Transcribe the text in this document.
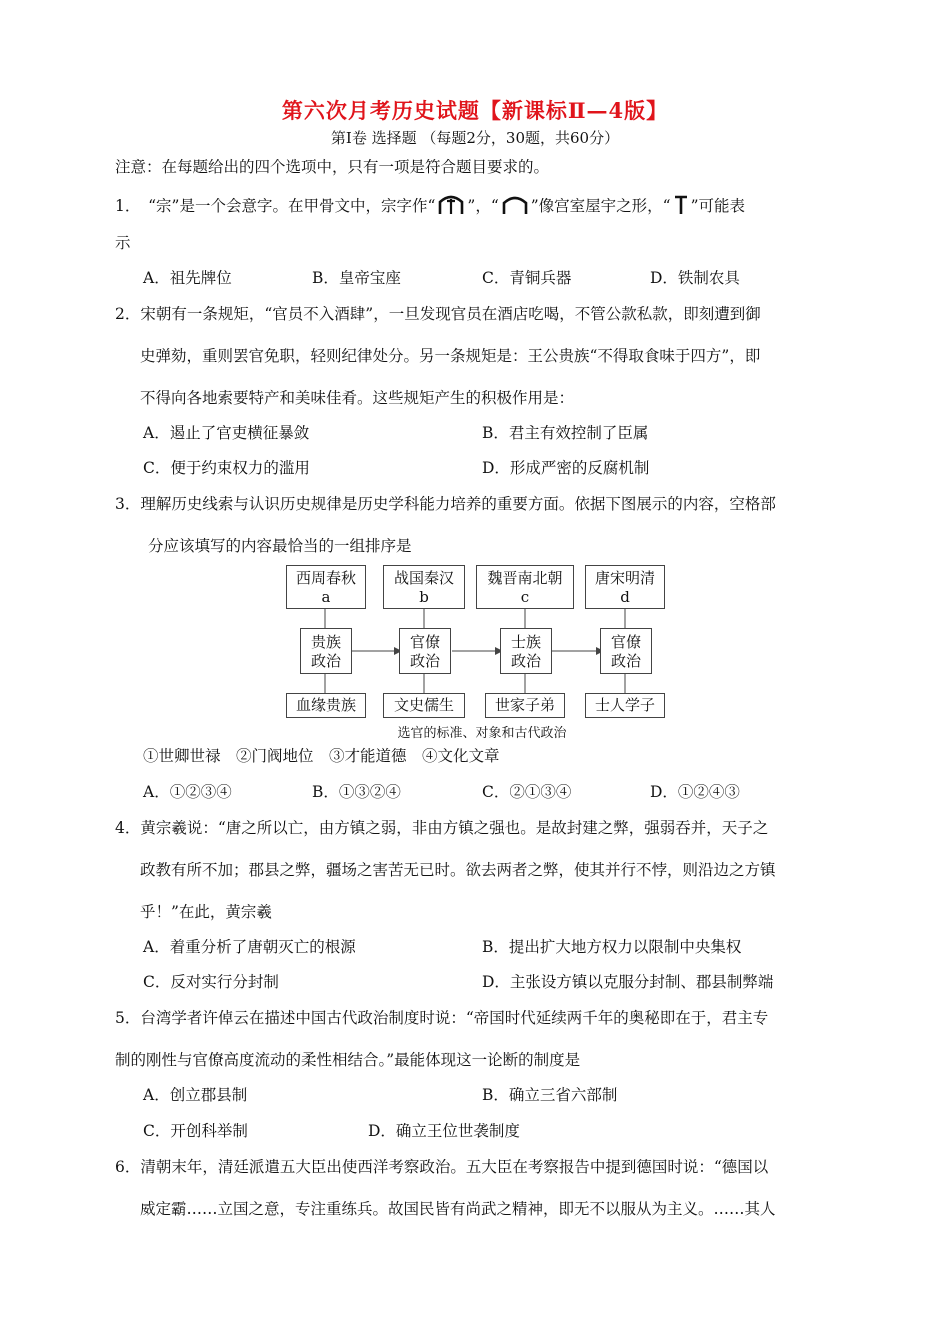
第六次月考历史试题【新课标Ⅱ—4版】
第Ⅰ卷 选择题 （每题2分，30题，共60分）
注意：在每题给出的四个选项中，只有一项是符合题目要求的。
1．　“宗”是一个会意字。在甲骨文中，宗字作“ ”，“ ”像宫室屋宇之形，“ ”可能表
示
A．祖先牌位	B．皇帝宝座	C．青铜兵器	D．铁制农具
2．宋朝有一条规矩，“官员不入酒肆”，一旦发现官员在酒店吃喝，不管公款私款，即刻遭到御
史弹劾，重则罢官免职，轻则纪律处分。另一条规矩是：王公贵族“不得取食味于四方”，即
不得向各地索要特产和美味佳肴。这些规矩产生的积极作用是：
A．遏止了官吏横征暴敛	B．君主有效控制了臣属
C．便于约束权力的滥用	D．形成严密的反腐机制
3．理解历史线索与认识历史规律是历史学科能力培养的重要方面。依据下图展示的内容，空格部
分应该填写的内容最恰当的一组排序是
西周春秋
a
战国秦汉
b
魏晋南北朝
c
唐宋明清
d
贵族
政治
官僚
政治
士族
政治
官僚
政治
血缘贵族	文史儒生	世家子弟	士人学子
选官的标准、对象和古代政治
①世卿世禄　②门阀地位　③才能道德　④文化文章
A．①②③④	B．①③②④	C．②①③④	D．①②④③
4．黄宗羲说：“唐之所以亡，由方镇之弱，非由方镇之强也。是故封建之弊，强弱吞并，天子之
政教有所不加；郡县之弊，疆场之害苦无已时。欲去两者之弊，使其并行不悖，则沿边之方镇
乎！”在此，黄宗羲
A．着重分析了唐朝灭亡的根源	B．提出扩大地方权力以限制中央集权
C．反对实行分封制	D．主张设方镇以克服分封制、郡县制弊端
5．台湾学者许倬云在描述中国古代政治制度时说：“帝国时代延续两千年的奥秘即在于，君主专
制的刚性与官僚高度流动的柔性相结合。”最能体现这一论断的制度是
A．创立郡县制	B．确立三省六部制
C．开创科举制	D．确立王位世袭制度
6．清朝末年，清廷派遣五大臣出使西洋考察政治。五大臣在考察报告中提到德国时说：“德国以
威定霸……立国之意，专注重练兵。故国民皆有尚武之精神，即无不以服从为主义。……其人
